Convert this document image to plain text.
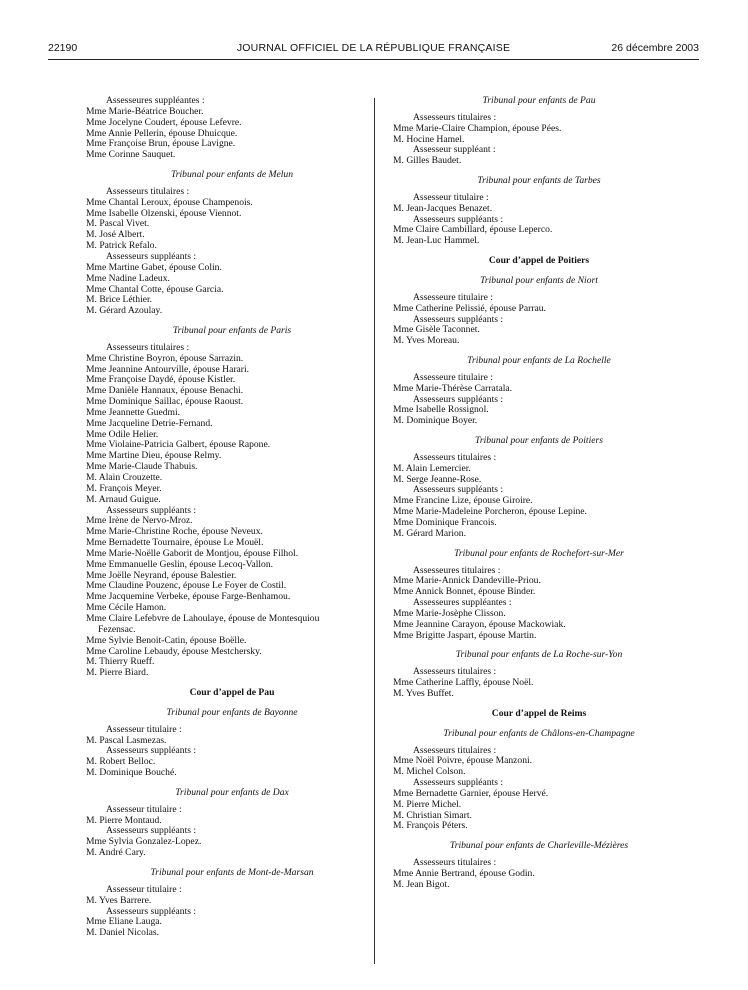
22190	JOURNAL OFFICIEL DE LA RÉPUBLIQUE FRANÇAISE	26 décembre 2003
Assesseures suppléantes :
Mme Marie-Béatrice Boucher.
Mme Jocelyne Coudert, épouse Lefevre.
Mme Annie Pellerin, épouse Dhuicque.
Mme Françoise Brun, épouse Lavigne.
Mme Corinne Sauquet.
Tribunal pour enfants de Melun
Assesseurs titulaires :
Mme Chantal Leroux, épouse Champenois.
Mme Isabelle Olzenski, épouse Viennot.
M. Pascal Vivet.
M. José Albert.
M. Patrick Refalo.
Assesseurs suppléants :
Mme Martine Gabet, épouse Colin.
Mme Nadine Ladeux.
Mme Chantal Cotte, épouse Garcia.
M. Brice Léthier.
M. Gérard Azoulay.
Tribunal pour enfants de Paris
Assesseurs titulaires :
Mme Christine Boyron, épouse Sarrazin.
Mme Jeannine Antourville, épouse Harari.
Mme Françoise Daydé, épouse Kistler.
Mme Danièle Hannaux, épouse Benachi.
Mme Dominique Saillac, épouse Raoust.
Mme Jeannette Guedmi.
Mme Jacqueline Detrie-Fernand.
Mme Odile Helier.
Mme Violaine-Patricia Galbert, épouse Rapone.
Mme Martine Dieu, épouse Relmy.
Mme Marie-Claude Thabuis.
M. Alain Crouzette.
M. François Meyer.
M. Arnaud Guigue.
Assesseurs suppléants :
Mme Irène de Nervo-Mroz.
Mme Marie-Christine Roche, épouse Neveux.
Mme Bernadette Tournaire, épouse Le Mouël.
Mme Marie-Noëlle Gaborit de Montjou, épouse Filhol.
Mme Emmanuelle Geslin, épouse Lecoq-Vallon.
Mme Joëlle Neyrand, épouse Balestier.
Mme Claudine Pouzenc, épouse Le Foyer de Costil.
Mme Jacquemine Verbeke, épouse Farge-Benhamou.
Mme Cécile Hamon.
Mme Claire Lefebvre de Lahoulaye, épouse de Montesquiou
Fezensac.
Mme Sylvie Benoit-Catin, épouse Boëlle.
Mme Caroline Lebaudy, épouse Mestchersky.
M. Thierry Rueff.
M. Pierre Biard.
Cour d’appel de Pau
Tribunal pour enfants de Bayonne
Assesseur titulaire :
M. Pascal Lasmezas.
Assesseurs suppléants :
M. Robert Belloc.
M. Dominique Bouché.
Tribunal pour enfants de Dax
Assesseur titulaire :
M. Pierre Montaud.
Assesseurs suppléants :
Mme Sylvia Gonzalez-Lopez.
M. André Cary.
Tribunal pour enfants de Mont-de-Marsan
Assesseur titulaire :
M. Yves Barrere.
Assesseurs suppléants :
Mme Eliane Lauga.
M. Daniel Nicolas.
Tribunal pour enfants de Pau
Assesseurs titulaires :
Mme Marie-Claire Champion, épouse Pées.
M. Hocine Hamel.
Assesseur suppléant :
M. Gilles Baudet.
Tribunal pour enfants de Tarbes
Assesseur titulaire :
M. Jean-Jacques Benazet.
Assesseurs suppléants :
Mme Claire Cambillard, épouse Leperco.
M. Jean-Luc Hammel.
Cour d’appel de Poitiers
Tribunal pour enfants de Niort
Assesseure titulaire :
Mme Catherine Pelissié, épouse Parrau.
Assesseurs suppléants :
Mme Gisèle Taconnet.
M. Yves Moreau.
Tribunal pour enfants de La Rochelle
Assesseure titulaire :
Mme Marie-Thérèse Carratala.
Assesseurs suppléants :
Mme Isabelle Rossignol.
M. Dominique Boyer.
Tribunal pour enfants de Poitiers
Assesseurs titulaires :
M. Alain Lemercier.
M. Serge Jeanne-Rose.
Assesseurs suppléants :
Mme Francine Lize, épouse Giroire.
Mme Marie-Madeleine Porcheron, épouse Lepine.
Mme Dominique Francois.
M. Gérard Marion.
Tribunal pour enfants de Rochefort-sur-Mer
Assesseures titulaires :
Mme Marie-Annick Dandeville-Priou.
Mme Annick Bonnet, épouse Binder.
Assesseures suppléantes :
Mme Marie-Josèphe Clisson.
Mme Jeannine Carayon, épouse Mackowiak.
Mme Brigitte Jaspart, épouse Martin.
Tribunal pour enfants de La Roche-sur-Yon
Assesseurs titulaires :
Mme Catherine Laffly, épouse Noël.
M. Yves Buffet.
Cour d’appel de Reims
Tribunal pour enfants de Châlons-en-Champagne
Assesseurs titulaires :
Mme Noël Poivre, épouse Manzoni.
M. Michel Colson.
Assesseurs suppléants :
Mme Bernadette Garnier, épouse Hervé.
M. Pierre Michel.
M. Christian Simart.
M. François Péters.
Tribunal pour enfants de Charleville-Mézières
Assesseurs titulaires :
Mme Annie Bertrand, épouse Godin.
M. Jean Bigot.
